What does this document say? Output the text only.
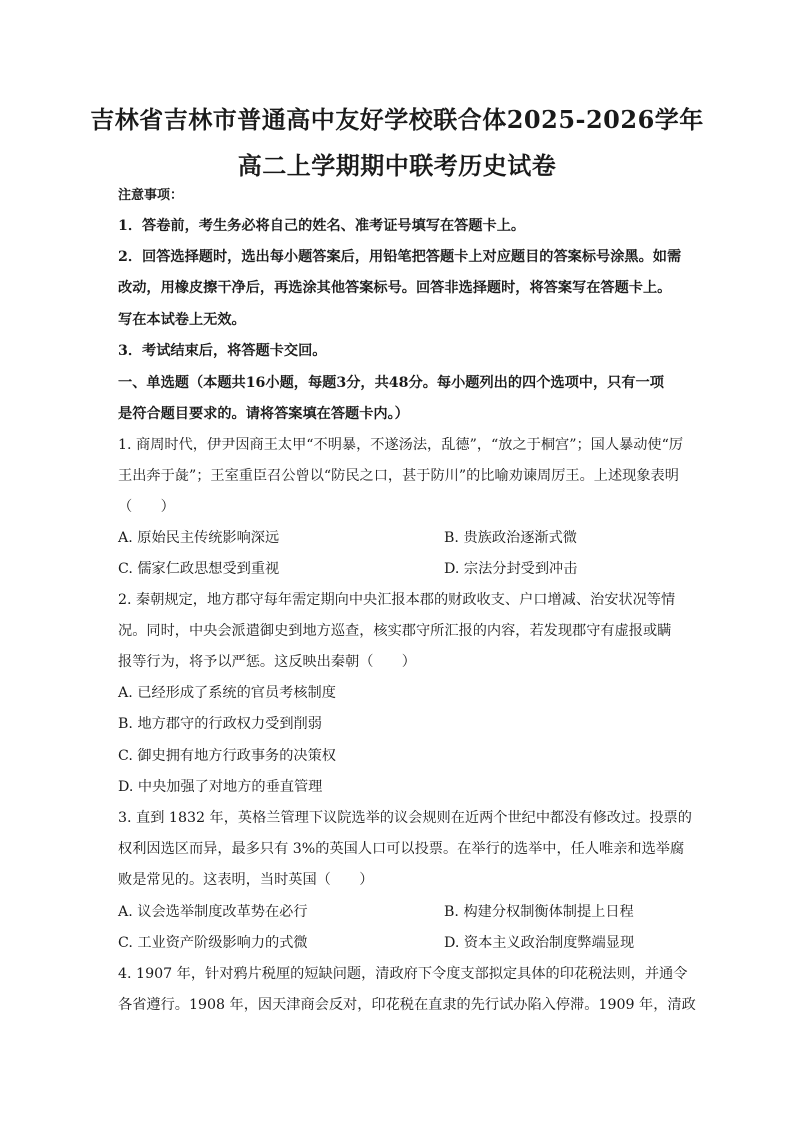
吉林省吉林市普通高中友好学校联合体2025-2026学年
高二上学期期中联考历史试卷
注意事项：
1．答卷前，考生务必将自己的姓名、准考证号填写在答题卡上。
2．回答选择题时，选出每小题答案后，用铅笔把答题卡上对应题目的答案标号涂黑。如需
改动，用橡皮擦干净后，再选涂其他答案标号。回答非选择题时，将答案写在答题卡上。
写在本试卷上无效。
3．考试结束后，将答题卡交回。
一、单选题（本题共16小题，每题3分，共48分。每小题列出的四个选项中，只有一项
是符合题目要求的。请将答案填在答题卡内。）
1. 商周时代，伊尹因商王太甲“不明暴，不遂汤法，乱德”，“放之于桐宫”；国人暴动使“厉
王出奔于彘”；王室重臣召公曾以“防民之口，甚于防川”的比喻劝谏周厉王。上述现象表明
（　　）
A. 原始民主传统影响深远	B. 贵族政治逐渐式微
C. 儒家仁政思想受到重视	D. 宗法分封受到冲击
2. 秦朝规定，地方郡守每年需定期向中央汇报本郡的财政收支、户口增减、治安状况等情
况。同时，中央会派遣御史到地方巡查，核实郡守所汇报的内容，若发现郡守有虚报或瞒
报等行为，将予以严惩。这反映出秦朝（　　）
A. 已经形成了系统的官员考核制度
B. 地方郡守的行政权力受到削弱
C. 御史拥有地方行政事务的决策权
D. 中央加强了对地方的垂直管理
3. 直到 1832 年，英格兰管理下议院选举的议会规则在近两个世纪中都没有修改过。投票的
权利因选区而异，最多只有 3%的英国人口可以投票。在举行的选举中，任人唯亲和选举腐
败是常见的。这表明，当时英国（　　）
A. 议会选举制度改革势在必行	B. 构建分权制衡体制提上日程
C. 工业资产阶级影响力的式微	D. 资本主义政治制度弊端显现
4. 1907 年，针对鸦片税厘的短缺问题，清政府下令度支部拟定具体的印花税法则，并通令
各省遵行。1908 年，因天津商会反对，印花税在直隶的先行试办陷入停滞。1909 年，清政
